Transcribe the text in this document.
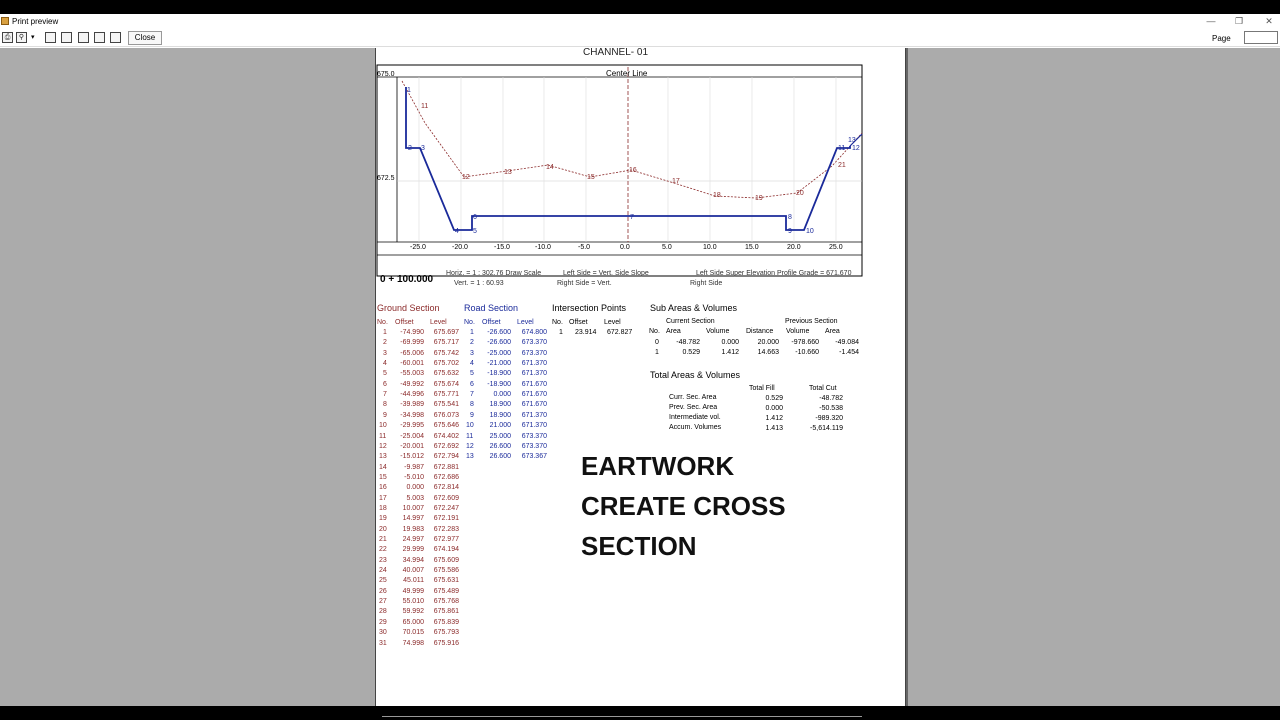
Print preview	—	❐	✕
⎙	⚲ ▾	Close	Page
CHANNEL- 01
675.0
672.5
Center Line
11
12
13
14
15
16
17
18	19
20
21
1
2 3
4 5
6	7	8
9 10
11 12
13
-25.0	-20.0	-15.0	-10.0	-5.0	0.0	5.0	10.0	15.0	20.0	25.0
0 + 100.000
Horiz. = 1 : 302.76 Draw Scale
Vert. = 1 : 60.93
Left Side = Vert. Side Slope
Right Side = Vert.
Left Side Super Elevation Profile Grade = 671.670
Right Side
Ground Section
No. Offset Level
1	-74.990	675.697
2	-69.999	675.717
3	-65.006	675.742
4	-60.001	675.702
5	-55.003	675.632
6	-49.992	675.674
7	-44.996	675.771
8	-39.989	675.541
9	-34.998	676.073
10	-29.995	675.646
11	-25.004	674.402
12	-20.001	672.692
13	-15.012	672.794
14	-9.987	672.881
15	-5.010	672.686
16	0.000	672.814
17	5.003	672.609
18	10.007	672.247
19	14.997	672.191
20	19.983	672.283
21	24.997	672.977
22	29.999	674.194
23	34.994	675.609
24	40.007	675.586
25	45.011	675.631
26	49.999	675.489
27	55.010	675.768
28	59.992	675.861
29	65.000	675.839
30	70.015	675.793
31	74.998	675.916
Road Section
No. Offset Level
1	-26.600	674.800
2	-26.600	673.370
3	-25.000	673.370
4	-21.000	671.370
5	-18.900	671.370
6	-18.900	671.670
7	0.000	671.670
8	18.900	671.670
9	18.900	671.370
10	21.000	671.370
11	25.000	673.370
12	26.600	673.370
13	26.600	673.367
Intersection Points
No. Offset Level
1 23.914 672.827
Sub Areas & Volumes
Current Section	Previous Section
No. Area	Volume Distance Volume Area
0	-48.782	0.000	20.000	-978.660	-49.084
1	0.529	1.412	14.663	-10.660	-1.454
Total Areas & Volumes
Total Fill	Total Cut
Curr. Sec. Area	0.529	-48.782
Prev. Sec. Area	0.000	-50.538
Intermediate vol.	1.412	-989.320
Accum. Volumes	1.413	-5,614.119
EARTWORK
CREATE CROSS
SECTION
